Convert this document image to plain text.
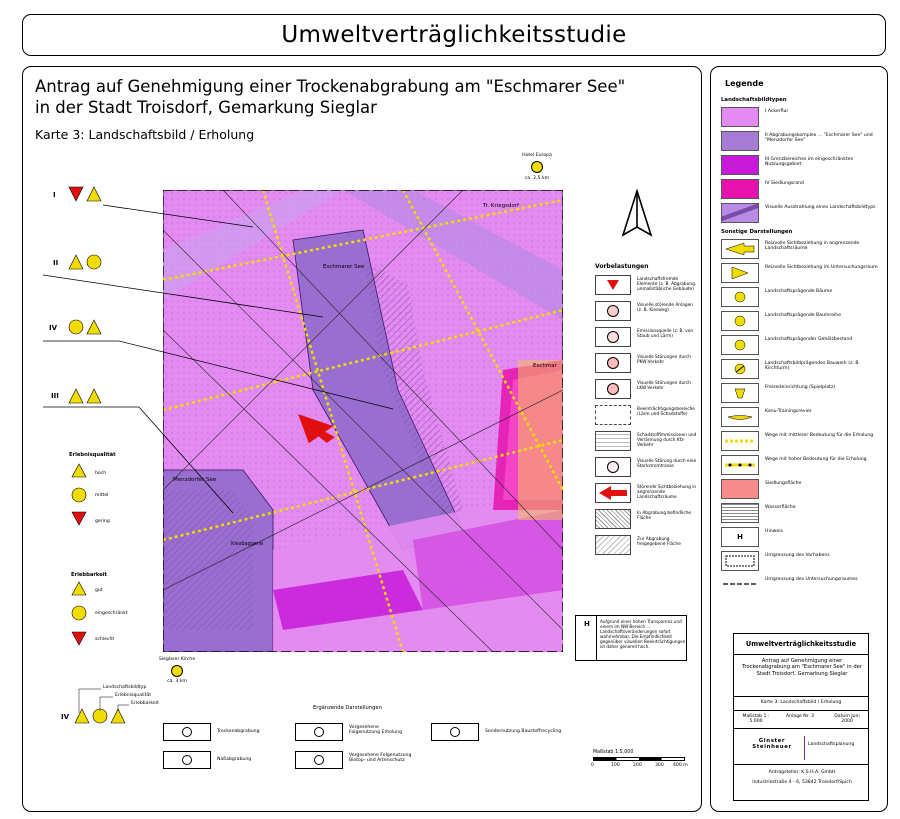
Umweltverträglichkeitsstudie
Antrag auf Genehmigung einer Trockenabgrabung am "Eschmarer See"
in der Stadt Troisdorf, Gemarkung Sieglar
Karte 3: Landschaftsbild / Erholung
Hotel Europa
ca. 2,5 km
Eschmarer See
Menzdorfer See
Tr. Kriegsdorf
Eschmar
Kiesbaggerei
I
II
IV
III
Erlebnisqualität
hoch
mittel
gering
Erlebbarkeit
gut
eingeschränkt
schlecht
Sieglarer Kirche
ca. 3 km
IV
Landschaftsbildtyp
Erlebnisqualität
Erlebbarkeit
Vorbelastungen
Landschaftsfremde Elemente (z. B. Abgrabung, unmaßstäbliche Gebäude)
Visuelle störende Anlagen (z. B. Kiesweg)
Emissionsquelle (z. B. von Staub und Lärm)
Visuelle Störungen durch PKW-Verkehr
Visuelle Störungen durch LKW-Verkehr
Beeinträchtigungsbereiche (Lärm und Schadstoffe)
Schadstoffimmissionen und Verlärmung durch Kfz-Verkehr
Visuelle Störung durch eine Starkstromtrasse
Störende Sichtbeziehung in angrenzende Landschaftsräume
In Abgrabung befindliche Fläche
Zur Abgrabung freigegebene Fläche
H Aufgrund einer hohen Transparenz und einem im NW-Bereich ... Landschaftsveränderungen sofort wahrnehmbar. Die Empfindlichkeit gegenüber visuellen Beeinträchtigungen ist daher generell hoch.
Ergänzende Darstellungen
Trockenabgrabung
Vorgesehene Folgenutzung Erholung	Sondernutzung Baustoffrecycling
Naßabgrabung
Vorgesehene Folgenutzung Biotop- und Artenschutz
Maßstab 1:5.000
0	100	200	300 400 m
Legende
Landschaftsbildtypen
I Ackerflur
II Abgrabungskomplex ... "Eschmarer See" und "Menzdorfer See"
III Grenzbereiches im eingeschränkten Nutzungsgebiet
IV Siedlungsrand
Visuelle Ausstrahlung eines Landschaftsbildtyps
Sonstige Darstellungen
Reizvolle Sichtbeziehung in angrenzende Landschaftsräume
Reizvolle Sichtbeziehung im Untersuchungsraum
Landschaftsprägende Bäume
Landschaftsprägende Baumreihe
Landschaftsprägender Gehölzbestand
Landschaftsbildprägendes Bauwerk (z. B. Kirchturm)
Freizeiteinrichtung (Spielplatz)
Kanu-Trainingsrevier
Wege mit mittlerer Bedeutung für die Erholung
Wege mit hoher Bedeutung für die Erholung
Siedlungsfläche
Wasserfläche
H
Hinweis
Umgrenzung des Vorhabens
Umgrenzung des Untersuchungsraumes
Umweltverträglichkeitsstudie
Antrag auf Genehmigung einer Trockenabgrabung am "Eschmarer See" in der Stadt Troisdorf, Gemarkung Sieglar
Karte 3: Landschaftsbild / Erholung
Maßstab 1 : 5.000
Anlage Nr. 3	Datum Juni 2000
Ginster Steinheuer	Landschaftsplanung
Antragsteller: K.S.H.A. GmbH
Industriestraße 4 - 6, 53842 Troisdorf/Spich
